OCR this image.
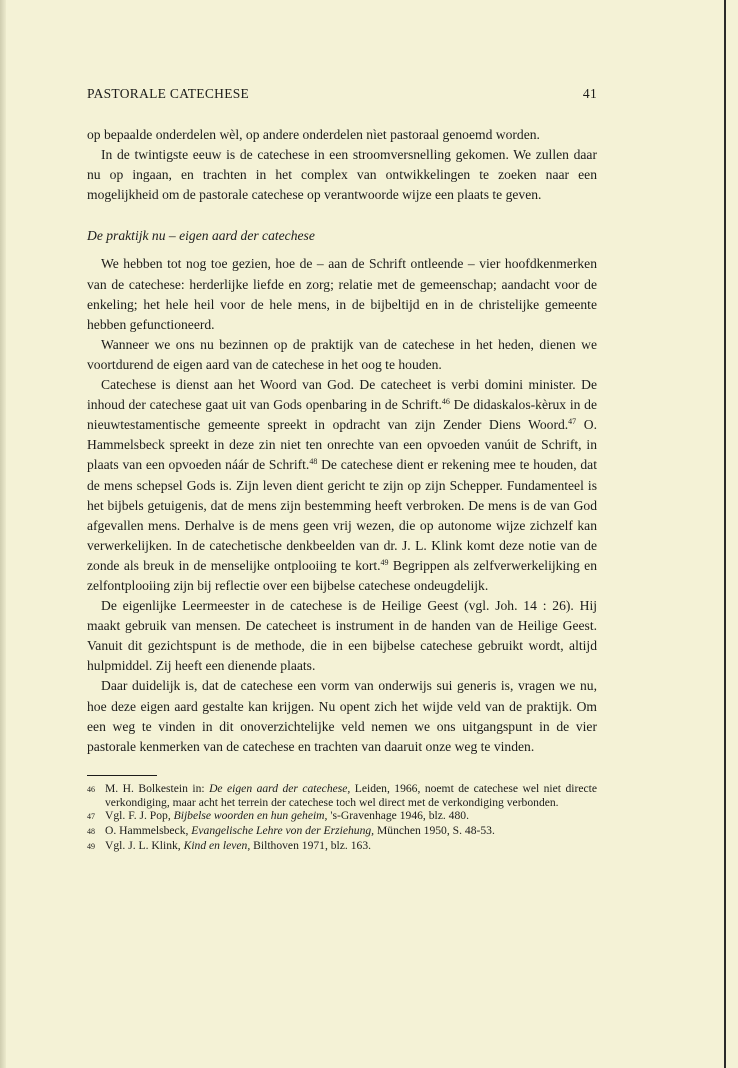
PASTORALE CATECHESE	41

op bepaalde onderdelen wèl, op andere onderdelen nìet pastoraal genoemd worden.

In de twintigste eeuw is de catechese in een stroomversnelling gekomen. We zullen daar nu op ingaan, en trachten in het complex van ontwikkelingen te zoeken naar een mogelijkheid om de pastorale catechese op verantwoorde wijze een plaats te geven.

De praktijk nu – eigen aard der catechese

We hebben tot nog toe gezien, hoe de – aan de Schrift ontleende – vier hoofdkenmerken van de catechese: herderlijke liefde en zorg; relatie met de gemeenschap; aandacht voor de enkeling; het hele heil voor de hele mens, in de bijbeltijd en in de christelijke gemeente hebben gefunctioneerd.

Wanneer we ons nu bezinnen op de praktijk van de catechese in het heden, dienen we voortdurend de eigen aard van de catechese in het oog te houden.

Catechese is dienst aan het Woord van God. De catecheet is verbi domini minister. De inhoud der catechese gaat uit van Gods openbaring in de Schrift.$^{46}$ De didaskalos-kèrux in de nieuwtestamentische gemeente spreekt in opdracht van zijn Zender Diens Woord.$^{47}$ O. Hammelsbeck spreekt in deze zin niet ten onrechte van een opvoeden vanúit de Schrift, in plaats van een opvoeden náár de Schrift.$^{48}$ De catechese dient er rekening mee te houden, dat de mens schepsel Gods is. Zijn leven dient gericht te zijn op zijn Schepper. Fundamenteel is het bijbels getuigenis, dat de mens zijn bestemming heeft verbroken. De mens is de van God afgevallen mens. Derhalve is de mens geen vrij wezen, die op autonome wijze zichzelf kan verwerkelijken. In de catechetische denkbeelden van dr. J. L. Klink komt deze notie van de zonde als breuk in de menselijke ontplooiing te kort.$^{49}$ Begrippen als zelfverwerkelijking en zelfontplooiing zijn bij reflectie over een bijbelse catechese ondeugdelijk.

De eigenlijke Leermeester in de catechese is de Heilige Geest (vgl. Joh. 14 : 26). Hij maakt gebruik van mensen. De catecheet is instrument in de handen van de Heilige Geest. Vanuit dit gezichtspunt is de methode, die in een bijbelse catechese gebruikt wordt, altijd hulpmiddel. Zij heeft een dienende plaats.

Daar duidelijk is, dat de catechese een vorm van onderwijs sui generis is, vragen we nu, hoe deze eigen aard gestalte kan krijgen. Nu opent zich het wijde veld van de praktijk. Om een weg te vinden in dit onoverzichtelijke veld nemen we ons uitgangspunt in de vier pastorale kenmerken van de catechese en trachten van daaruit onze weg te vinden.

46 M. H. Bolkestein in: De eigen aard der catechese, Leiden, 1966, noemt de catechese wel niet directe verkondiging, maar acht het terrein der catechese toch wel direct met de verkondiging verbonden.
47 Vgl. F. J. Pop, Bijbelse woorden en hun geheim, 's-Gravenhage 1946, blz. 480.
48 O. Hammelsbeck, Evangelische Lehre von der Erziehung, München 1950, S. 48-53.
49 Vgl. J. L. Klink, Kind en leven, Bilthoven 1971, blz. 163.
